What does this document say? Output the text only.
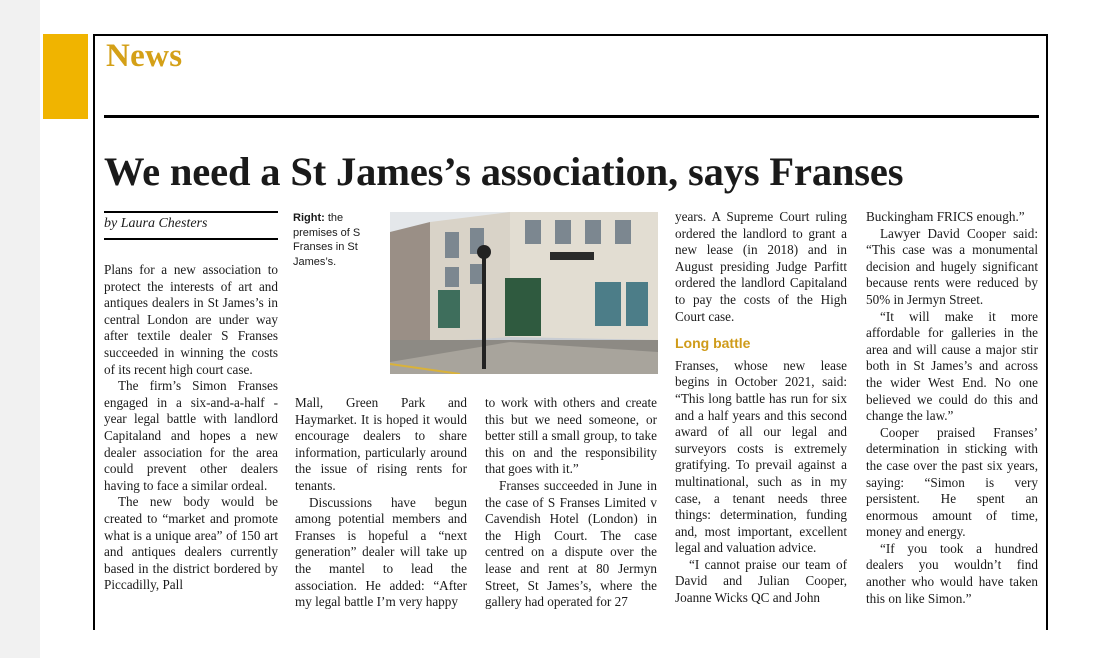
News
We need a St James’s association, says Franses
by Laura Chesters

Plans for a new association to protect the interests of art and antiques dealers in St James’s in central London are under way after textile dealer S Franses succeeded in winning the costs of its recent high court case.

The firm’s Simon Franses engaged in a six-and-a-half -year legal battle with landlord Capitaland and hopes a new dealer association for the area could prevent other dealers having to face a similar ordeal.

The new body would be created to “market and promote what is a unique area” of 150 art and antiques dealers currently based in the district bordered by Piccadilly, Pall

Right: the premises of S Franses in St James’s.

Mall, Green Park and Haymarket. It is hoped it would encourage dealers to share information, particularly around the issue of rising rents for tenants.

Discussions have begun among potential members and Franses is hopeful a “next generation” dealer will take up the mantel to lead the association. He added: “After my legal battle I’m very happy

to work with others and create this but we need someone, or better still a small group, to take this on and the responsibility that goes with it.”

Franses succeeded in June in the case of S Franses Limited v Cavendish Hotel (London) in the High Court. The case centred on a dispute over the lease and rent at 80 Jermyn Street, St James’s, where the gallery had operated for 27

years. A Supreme Court ruling ordered the landlord to grant a new lease (in 2018) and in August presiding Judge Parfitt ordered the landlord Capitaland to pay the costs of the High Court case.

Long battle

Franses, whose new lease begins in October 2021, said: “This long battle has run for six and a half years and this second award of all our legal and surveyors costs is extremely gratifying. To prevail against a multinational, such as in my case, a tenant needs three things: determination, funding and, most important, excellent legal and valuation advice.

“I cannot praise our team of David and Julian Cooper, Joanne Wicks QC and John

Buckingham FRICS enough.”

Lawyer David Cooper said: “This case was a monumental decision and hugely significant because rents were reduced by 50% in Jermyn Street.

“It will make it more affordable for galleries in the area and will cause a major stir both in St James’s and across the wider West End. No one believed we could do this and change the law.”

Cooper praised Franses’ determination in sticking with the case over the past six years, saying: “Simon is very persistent. He spent an enormous amount of time, money and energy.

“If you took a hundred dealers you wouldn’t find another who would have taken this on like Simon.”
